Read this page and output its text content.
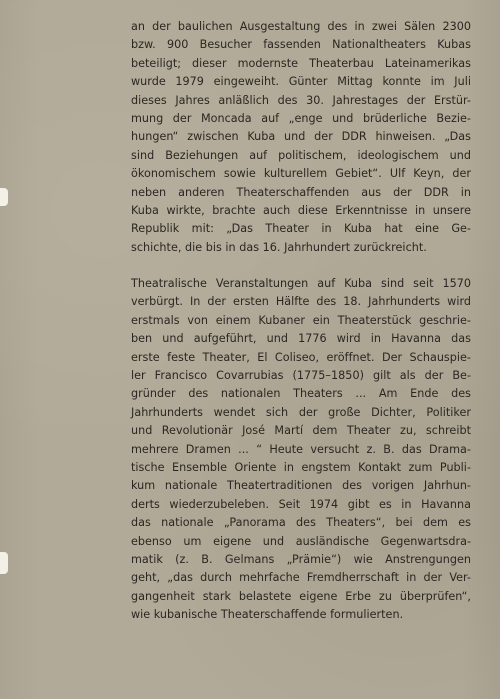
an der baulichen Ausgestaltung des in zwei Sälen 2300
bzw. 900 Besucher fassenden Nationaltheaters Kubas
beteiligt; dieser modernste Theaterbau Lateinamerikas
wurde 1979 eingeweiht. Günter Mittag konnte im Juli
dieses Jahres anläßlich des 30. Jahrestages der Erstür-
mung der Moncada auf „enge und brüderliche Bezie-
hungen“ zwischen Kuba und der DDR hinweisen. „Das
sind Beziehungen auf politischem, ideologischem und
ökonomischem sowie kulturellem Gebiet“. Ulf Keyn, der
neben anderen Theaterschaffenden aus der DDR in
Kuba wirkte, brachte auch diese Erkenntnisse in unsere
Republik mit: „Das Theater in Kuba hat eine Ge-
schichte, die bis in das 16. Jahrhundert zurückreicht.

Theatralische Veranstaltungen auf Kuba sind seit 1570
verbürgt. In der ersten Hälfte des 18. Jahrhunderts wird
erstmals von einem Kubaner ein Theaterstück geschrie-
ben und aufgeführt, und 1776 wird in Havanna das
erste feste Theater, El Coliseo, eröffnet. Der Schauspie-
ler Francisco Covarrubias (1775–1850) gilt als der Be-
gründer des nationalen Theaters ... Am Ende des
Jahrhunderts wendet sich der große Dichter, Politiker
und Revolutionär José Martí dem Theater zu, schreibt
mehrere Dramen ... “ Heute versucht z. B. das Drama-
tische Ensemble Oriente in engstem Kontakt zum Publi-
kum nationale Theatertraditionen des vorigen Jahrhun-
derts wiederzubeleben. Seit 1974 gibt es in Havanna
das nationale „Panorama des Theaters“, bei dem es
ebenso um eigene und ausländische Gegenwartsdra-
matik (z. B. Gelmans „Prämie“) wie Anstrengungen
geht, „das durch mehrfache Fremdherrschaft in der Ver-
gangenheit stark belastete eigene Erbe zu überprüfen“,
wie kubanische Theaterschaffende formulierten.
